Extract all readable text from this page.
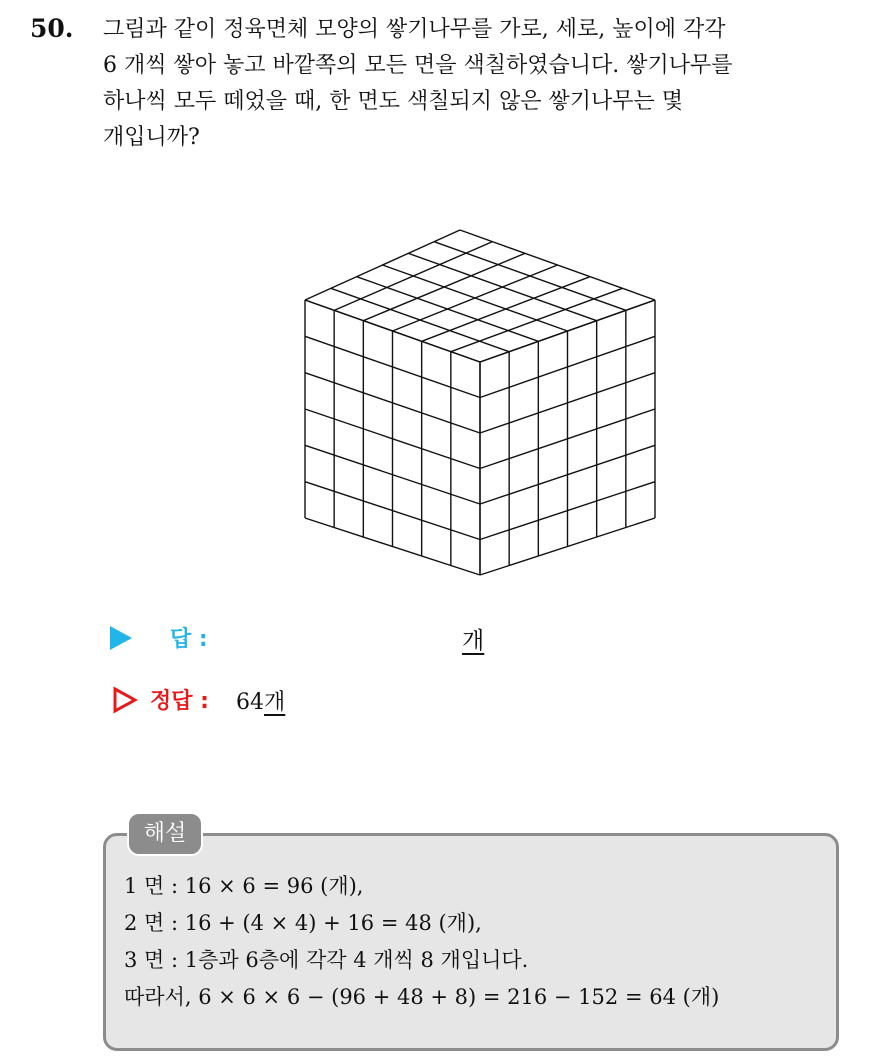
50. 그림과 같이 정육면체 모양의 쌓기나무를 가로, 세로, 높이에 각각
6 개씩 쌓아 놓고 바깥쪽의 모든 면을 색칠하였습니다. 쌓기나무를
하나씩 모두 떼었을 때, 한 면도 색칠되지 않은 쌓기나무는 몇
개입니까?
답 :	개
정답 : 64개
해설
1 면 : 16 × 6 = 96 (개),
2 면 : 16 + (4 × 4) + 16 = 48 (개),
3 면 : 1층과 6층에 각각 4 개씩 8 개입니다.
따라서, 6 × 6 × 6 − (96 + 48 + 8) = 216 − 152 = 64 (개)
